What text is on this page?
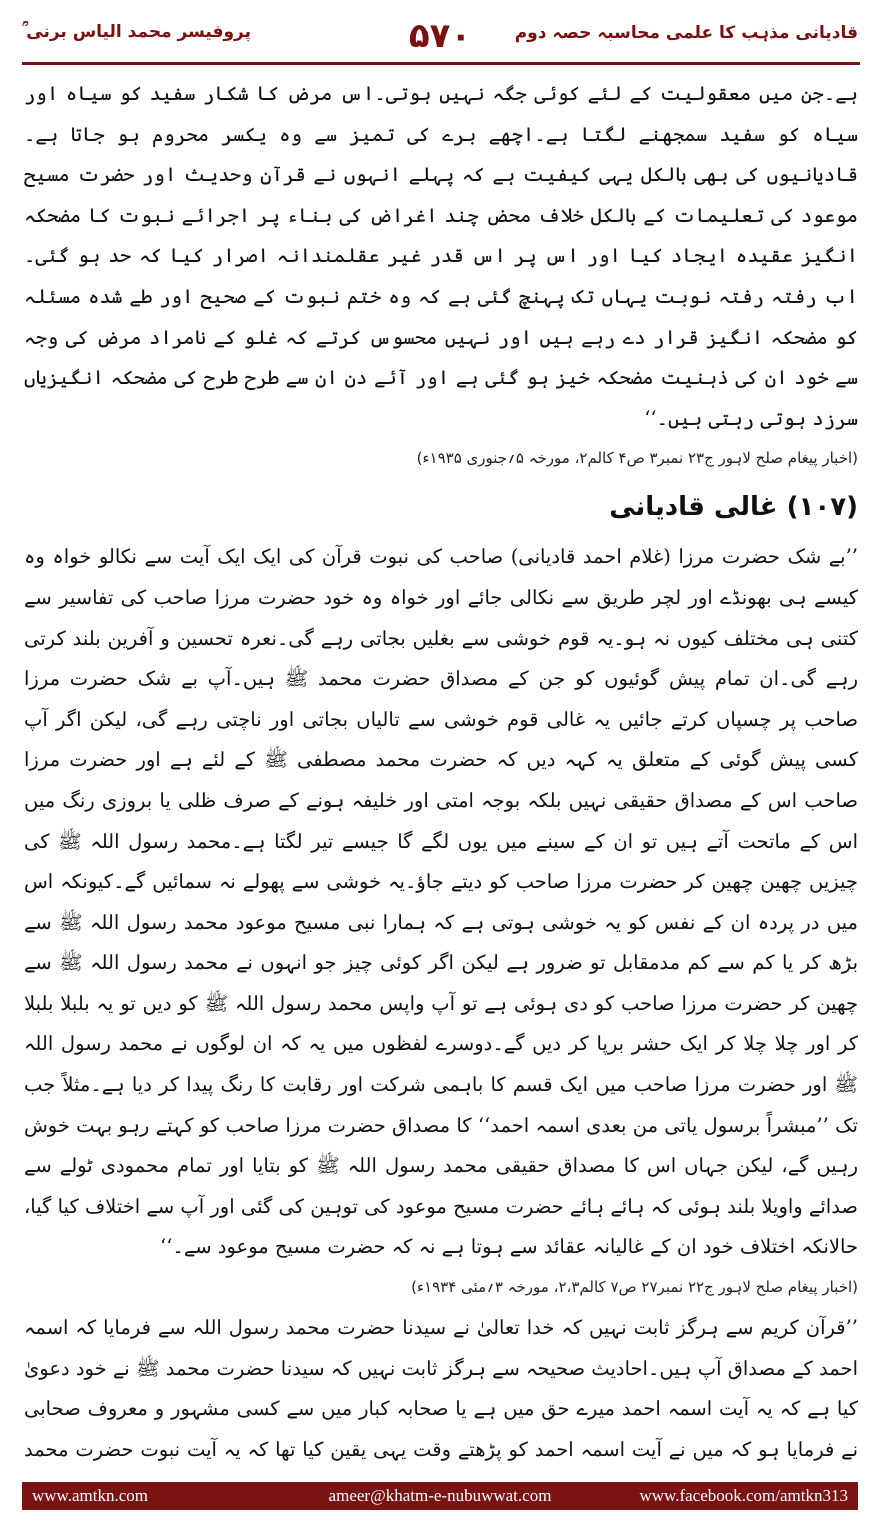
پروفیسر محمد الیاس برنی ؒ	۵۷۰	قادیانی مذہب کا علمی محاسبہ حصہ دوم

ہے۔جن میں معقولیت کے لئے کوئی جگہ نہیں ہوتی۔اس مرض کا شکار سفید کو سیاہ اور سیاہ کو سفید سمجھنے لگتا ہے۔اچھے برے کی تمیز سے وہ یکسر محروم ہو جاتا ہے۔قادیانیوں کی بھی بالکل یہی کیفیت ہے کہ پہلے انہوں نے قرآن وحدیث اور حضرت مسیح موعود کی تعلیمات کے بالکل خلاف محض چند اغراض کی بناء پر اجرائے نبوت کا مضحکہ انگیز عقیدہ ایجاد کیا اور اس پر اس قدر غیر عقلمندانہ اصرار کیا کہ حد ہو گئی۔اب رفتہ رفتہ نوبت یہاں تک پہنچ گئی ہے کہ وہ ختم نبوت کے صحیح اور طے شدہ مسئلہ کو مضحکہ انگیز قرار دے رہے ہیں اور نہیں محسوس کرتے کہ غلو کے نامراد مرض کی وجہ سے خود ان کی ذہنیت مضحکہ خیز ہو گئی ہے اور آئے دن ان سے طرح طرح کی مضحکہ انگیزیاں سرزد ہوتی رہتی ہیں۔‘‘

(اخبار پیغام صلح لاہور ج۲۳ نمبر۳ ص۴ کالم۲، مورخہ ۵؍جنوری ۱۹۳۵ء)

(۱۰۷) غالی قادیانی

’’بے شک حضرت مرزا (غلام احمد قادیانی) صاحب کی نبوت قرآن کی ایک ایک آیت سے نکالو خواہ وہ کیسے ہی بھونڈے اور لچر طریق سے نکالی جائے اور خواہ وہ خود حضرت مرزا صاحب کی تفاسیر سے کتنی ہی مختلف کیوں نہ ہو۔یہ قوم خوشی سے بغلیں بجاتی رہے گی۔نعرہ تحسین و آفرین بلند کرتی رہے گی۔ان تمام پیش گوئیوں کو جن کے مصداق حضرت محمد ﷺ ہیں۔آپ بے شک حضرت مرزا صاحب پر چسپاں کرتے جائیں یہ غالی قوم خوشی سے تالیاں بجاتی اور ناچتی رہے گی، لیکن اگر آپ کسی پیش گوئی کے متعلق یہ کہہ دیں کہ حضرت محمد مصطفی ﷺ کے لئے ہے اور حضرت مرزا صاحب اس کے مصداق حقیقی نہیں بلکہ بوجہ امتی اور خلیفہ ہونے کے صرف ظلی یا بروزی رنگ میں اس کے ماتحت آتے ہیں تو ان کے سینے میں یوں لگے گا جیسے تیر لگتا ہے۔محمد رسول اللہ ﷺ کی چیزیں چھین چھین کر حضرت مرزا صاحب کو دیتے جاؤ۔یہ خوشی سے پھولے نہ سمائیں گے۔کیونکہ اس میں در پردہ ان کے نفس کو یہ خوشی ہوتی ہے کہ ہمارا نبی مسیح موعود محمد رسول اللہ ﷺ سے بڑھ کر یا کم سے کم مدمقابل تو ضرور ہے لیکن اگر کوئی چیز جو انہوں نے محمد رسول اللہ ﷺ سے چھین کر حضرت مرزا صاحب کو دی ہوئی ہے تو آپ واپس محمد رسول اللہ ﷺ کو دیں تو یہ بلبلا بلبلا کر اور چلا چلا کر ایک حشر برپا کر دیں گے۔دوسرے لفظوں میں یہ کہ ان لوگوں نے محمد رسول اللہ ﷺ اور حضرت مرزا صاحب میں ایک قسم کا باہمی شرکت اور رقابت کا رنگ پیدا کر دیا ہے۔مثلاً جب تک ’’مبشراً برسول یاتی من بعدی اسمہ احمد‘‘ کا مصداق حضرت مرزا صاحب کو کہتے رہو بہت خوش رہیں گے، لیکن جہاں اس کا مصداق حقیقی محمد رسول اللہ ﷺ کو بتایا اور تمام محمودی ٹولے سے صدائے واویلا بلند ہوئی کہ ہائے ہائے حضرت مسیح موعود کی توہین کی گئی اور آپ سے اختلاف کیا گیا، حالانکہ اختلاف خود ان کے غالیانہ عقائد سے ہوتا ہے نہ کہ حضرت مسیح موعود سے۔‘‘

(اخبار پیغام صلح لاہور ج۲۲ نمبر۲۷ ص۷ کالم۲،۳، مورخہ ۳؍مئی ۱۹۳۴ء)

’’قرآن کریم سے ہرگز ثابت نہیں کہ خدا تعالیٰ نے سیدنا حضرت محمد رسول اللہ سے فرمایا کہ اسمہ احمد کے مصداق آپ ہیں۔احادیث صحیحہ سے ہرگز ثابت نہیں کہ سیدنا حضرت محمد ﷺ نے خود دعویٰ کیا ہے کہ یہ آیت اسمہ احمد میرے حق میں ہے یا صحابہ کبار میں سے کسی مشہور و معروف صحابی نے فرمایا ہو کہ میں نے آیت اسمہ احمد کو پڑھتے وقت یہی یقین کیا تھا کہ یہ آیت نبوت حضرت محمد

www.amtkn.com	ameer@khatm-e-nubuwwat.com	www.facebook.com/amtkn313
